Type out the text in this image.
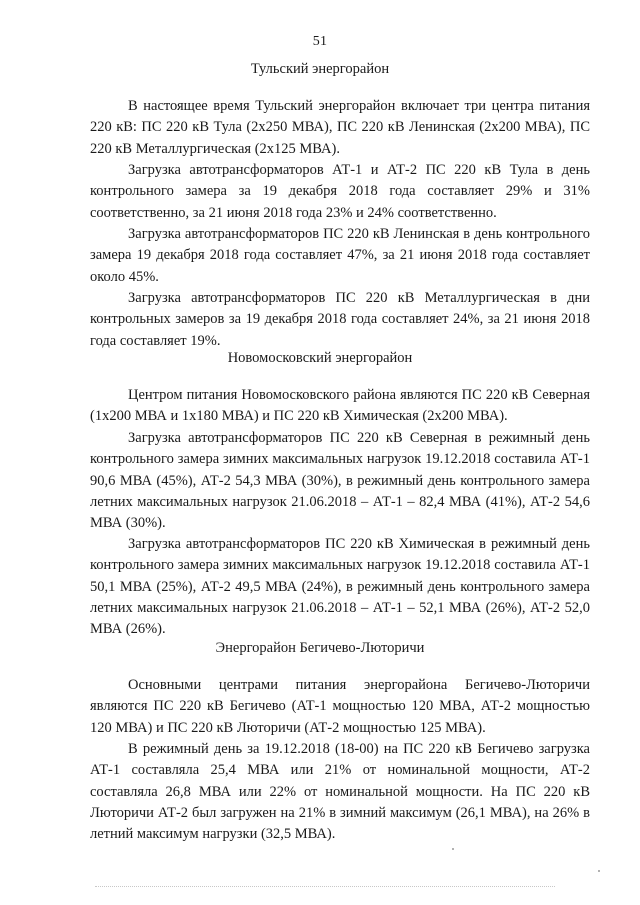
51
Тульский энергорайон

В настоящее время Тульский энергорайон включает три центра питания 220 кВ: ПС 220 кВ Тула (2х250 МВА), ПС 220 кВ Ленинская (2х200 МВА), ПС 220 кВ Металлургическая (2х125 МВА).

Загрузка автотрансформаторов АТ-1 и АТ-2 ПС 220 кВ Тула в день контрольного замера за 19 декабря 2018 года составляет 29% и 31% соответственно, за 21 июня 2018 года 23% и 24% соответственно.

Загрузка автотрансформаторов ПС 220 кВ Ленинская в день контрольного замера 19 декабря 2018 года составляет 47%, за 21 июня 2018 года составляет около 45%.

Загрузка автотрансформаторов ПС 220 кВ Металлургическая в дни контрольных замеров за 19 декабря 2018 года составляет 24%, за 21 июня 2018 года составляет 19%.

Новомосковский энергорайон

Центром питания Новомосковского района являются ПС 220 кВ Северная (1х200 МВА и 1х180 МВА) и ПС 220 кВ Химическая (2х200 МВА).

Загрузка автотрансформаторов ПС 220 кВ Северная в режимный день контрольного замера зимних максимальных нагрузок 19.12.2018 составила АТ-1 90,6 МВА (45%), АТ-2 54,3 МВА (30%), в режимный день контрольного замера летних максимальных нагрузок 21.06.2018 – АТ-1 – 82,4 МВА (41%), АТ-2 54,6 МВА (30%).

Загрузка автотрансформаторов ПС 220 кВ Химическая в режимный день контрольного замера зимних максимальных нагрузок 19.12.2018 составила АТ-1 50,1 МВА (25%), АТ-2 49,5 МВА (24%), в режимный день контрольного замера летних максимальных нагрузок 21.06.2018 – АТ-1 – 52,1 МВА (26%), АТ-2 52,0 МВА (26%).

Энергорайон Бегичево-Люторичи

Основными центрами питания энергорайона Бегичево-Люторичи являются ПС 220 кВ Бегичево (АТ-1 мощностью 120 МВА, АТ-2 мощностью 120 МВА) и ПС 220 кВ Люторичи (АТ-2 мощностью 125 МВА).

В режимный день за 19.12.2018 (18-00) на ПС 220 кВ Бегичево загрузка АТ-1 составляла 25,4 МВА или 21% от номинальной мощности, АТ-2 составляла 26,8 МВА или 22% от номинальной мощности. На ПС 220 кВ Люторичи АТ-2 был загружен на 21% в зимний максимум (26,1 МВА), на 26% в летний максимум нагрузки (32,5 МВА).
